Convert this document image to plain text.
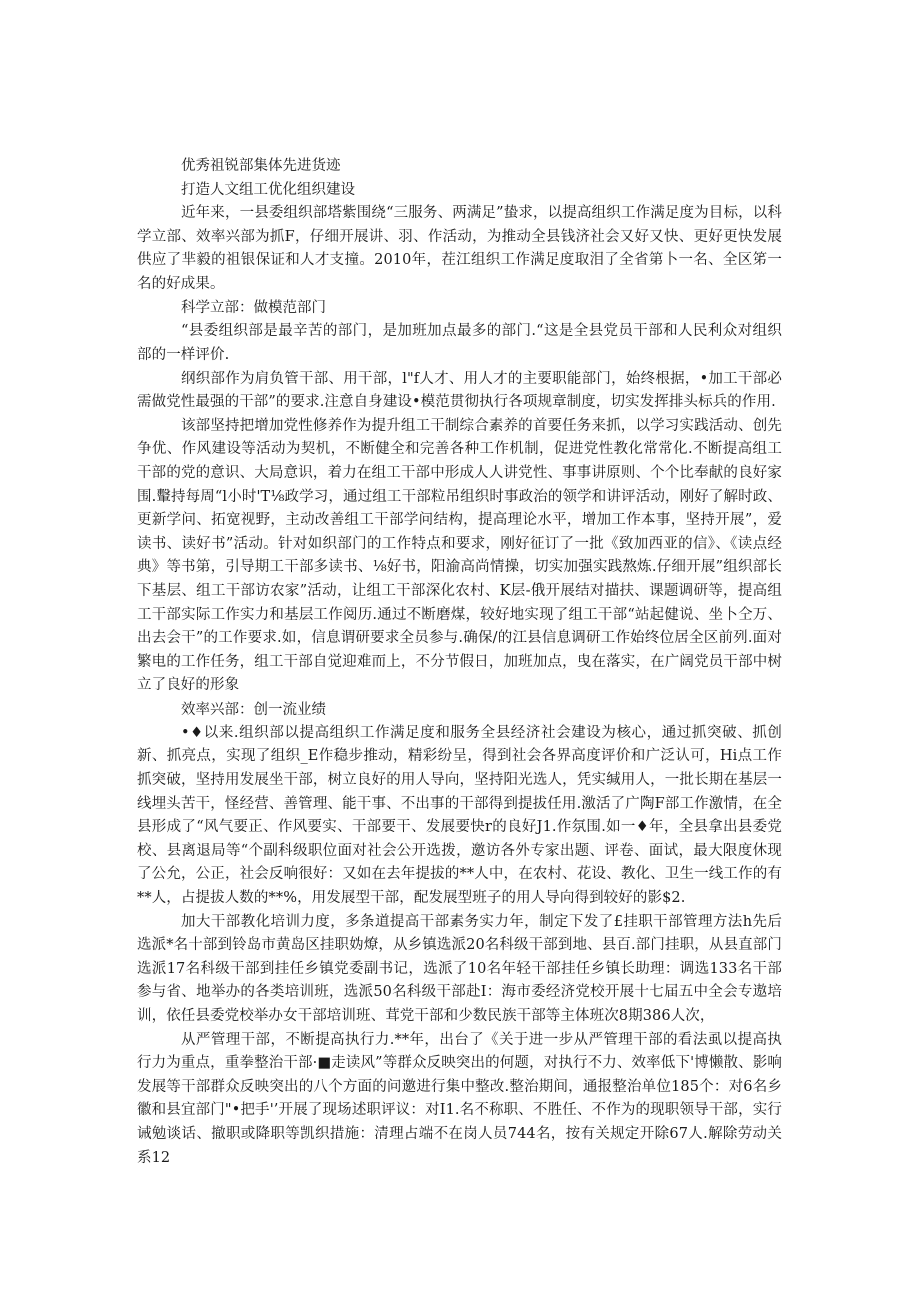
优秀祖锐部集体先进货迹

打造人文组工优化组织建设

近年来，一县委组织部塔紫围绕“三服务、两满足”蛰求，以提高组织工作满足度为目标，以科学立部、效率兴部为抓F，仔细开展讲、羽、作活动，为推动全县钱济社会又好又快、更好更快发展供应了芈毅的祖银保证和人才支撞。2010年，茬江组织工作满足度取泪了全省第卜一名、全区笫一名的好成果。

科学立部：做模范部门

“县委组织部是最辛苦的部门，是加班加点最多的部门.“这是全县党员干部和人民利众对组织部的一样评价.

纲织部作为肩负管干部、用干部，l"f人才、用人才的主要职能部门，始终根据，•加工干部必需做党性最强的干部”的要求.注意自身建设•模范贯彻执行各项规章制度，切实发挥排头标兵的作用.

该部坚持把增加党性修养作为提升组工干制综合素养的首要任务来抓，以学习实践活动、创先争优、作风建设等活动为契机，不断健全和完善各种工作机制，促进党性教化常常化.不断提高组工干部的党的意识、大局意识，着力在组工干部中形成人人讲党性、事事讲原则、个个比奉献的良好家围.轚持每周“l小时'T⅛政学习，通过组工干部粒吊组织时事政治的领学和讲评活动，刚好了解时政、更新学问、拓宽视野，主动改善组工干部学问结构，提高理论水平，增加工作本事，坚持开展”，爱读书、读好书”活动。针对如织部门的工作特点和要求，刚好征订了一批《致加西亚的信》、《读点经典》等书第，引导期工干部多读书、⅛好书，阳渝高尚情操，切实加强实践熬炼.仔细开展”组织部长下基层、组工干部访农家”活动，让组工干部深化农村、K层-俄开展结对描扶、课题调研等，提高组工干部实际工作实力和基层工作阅历.通过不断磨煤，较好地实现了组工干部“站起健说、坐卜仝万、出去会干”的工作要求.如，信息谓研要求全员参与.确保/的江县信息调研工作始终位居全区前列.面对繁电的工作任务，组工干部自觉迎难而上，不分节假日，加班加点，曳在落实，在广阔党员干部中树立了良好的形象

效率兴部：创一流业绩

•♦以来.组织部以提高组织工作满足度和服务全县经济社会建设为核心，通过抓突破、抓创新、抓亮点，实现了组织_E作稳步推动，精彩纷呈，得到社会各界高度评价和广泛认可，Hi点工作抓突破，坚持用发展坐干部，树立良好的用人导向，坚持阳光选人，凭实缄用人，一批长期在基层一线埋头苦干，怪经营、善管理、能干事、不出事的干部得到提拔任用.激活了广陶F部工作激情，在全县形成了“风气要正、作风要实、干部要干、发展要快r的良好J1.作氛围.如一♦年，全县拿出县委党校、县离退局等“个副科级职位面对社会公开选拨，邀访各外专家出题、评卷、面试，最大限度休现了公允，公正，社会反响很好：又如在去年提拔的**人中，在农村、花设、教化、卫生一线工作的有**人，占提拔人数的**%，用发展型干部，配发展型班子的用人导向得到较好的影$2.

加大干部教化培训力度，多条道提高干部素务实力年，制定下发了£挂职干部管理方法h先后选派*名十部到铃岛市黄岛区挂职妫燎，从乡镇选派20名科级干部到地、县百.部门挂职，从县直部门选派17名科级干部到挂任乡镇党委副书记，选派了10名年轻干部挂任乡镇长助理：调选133名干部参与省、地举办的各类培训班，选派50名科级干部赴I：海市委经济党校开展十七届五中全会专遨培训，依任县委党校举办女干部培训班、茸党干部和少数民族干部等主体班次8期386人次，

从严管理干部，不断提高执行力.**年，出台了《关于进一步从严管理干部的看法虱以提高执行力为重点，重拳整治干部·■走读风”等群众反映突出的何题，对执行不力、效率低下'博懒散、影响发展等干部群众反映突出的八个方面的问邀进行集中整改.整治期间，通报整治单位185个：对6名乡徽和县宜部门"•把手'’开展了现场述职评议：对I1.名不称职、不胜任、不作为的现职领导干部，实行诫勉谈话、撤职或降职等凯织措施：清理占端不在岗人员744名，按有关规定开除67人.解除劳动关系12
